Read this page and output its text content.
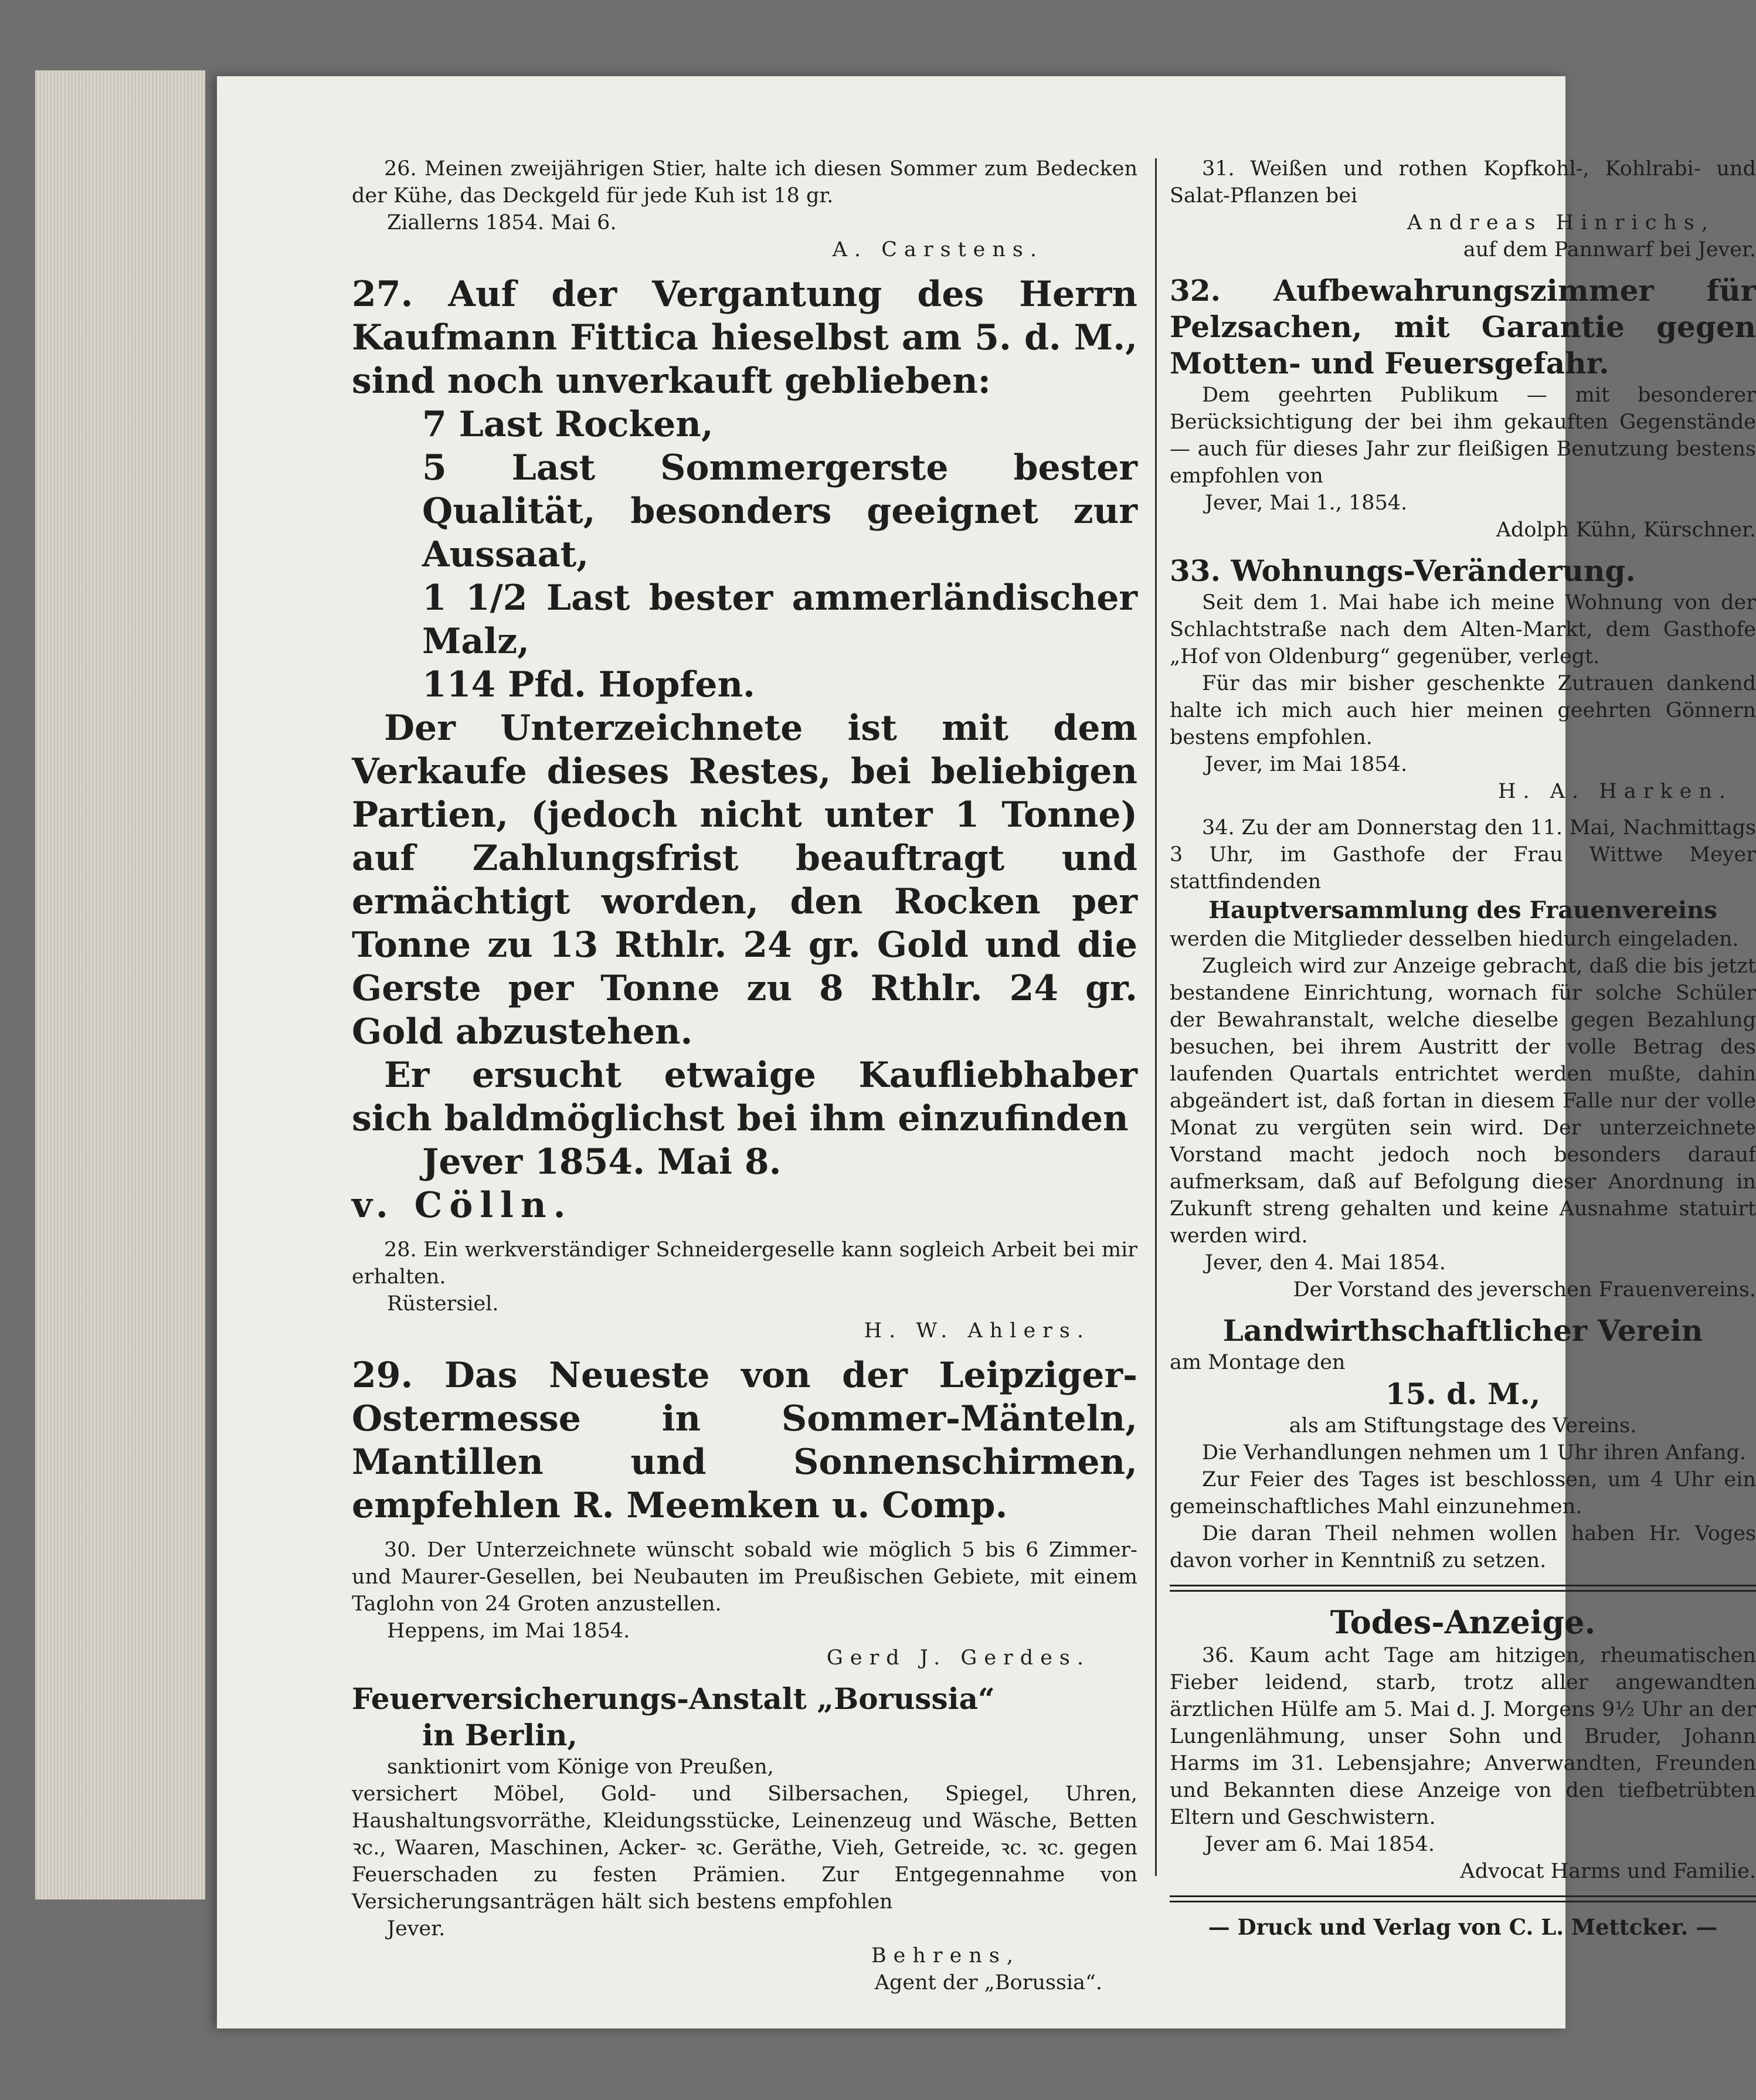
26. Meinen zweijährigen Stier, halte ich diesen Sommer zum Bedecken der Kühe, das Deckgeld für jede Kuh ist 18 gr.

Ziallerns 1854. Mai 6.

A. Carstens.

27. Auf der Vergantung des Herrn Kaufmann Fittica hieselbst am 5. d. M., sind noch unverkauft geblieben:

7 Last Rocken,

5 Last Sommergerste bester Qualität, besonders geeignet zur Aussaat,

1 1/2 Last bester ammerländischer Malz,

114 Pfd. Hopfen.

Der Unterzeichnete ist mit dem Verkaufe dieses Restes, bei beliebigen Partien, (jedoch nicht unter 1 Tonne) auf Zahlungsfrist beauftragt und ermächtigt worden, den Rocken per Tonne zu 13 Rthlr. 24 gr. Gold und die Gerste per Tonne zu 8 Rthlr. 24 gr. Gold abzustehen.

Er ersucht etwaige Kaufliebhaber sich baldmöglichst bei ihm einzufinden

Jever 1854. Mai 8.

v. Cölln.

28. Ein werkverständiger Schneidergeselle kann sogleich Arbeit bei mir erhalten.

Rüstersiel.

H. W. Ahlers.

29. Das Neueste von der Leipziger-Ostermesse in Sommer-Mänteln, Mantillen und Sonnenschirmen, empfehlen R. Meemken u. Comp.

30. Der Unterzeichnete wünscht sobald wie möglich 5 bis 6 Zimmer- und Maurer-Gesellen, bei Neubauten im Preußischen Gebiete, mit einem Taglohn von 24 Groten anzustellen.

Heppens, im Mai 1854.

Gerd J. Gerdes.

Feuerversicherungs-Anstalt „Borussia“

in Berlin,

sanktionirt vom Könige von Preußen,

versichert Möbel, Gold- und Silbersachen, Spiegel, Uhren, Haushaltungsvorräthe, Kleidungsstücke, Leinenzeug und Wäsche, Betten ꝛc., Waaren, Maschinen, Acker- ꝛc. Geräthe, Vieh, Getreide, ꝛc. ꝛc. gegen Feuerschaden zu festen Prämien. Zur Entgegennahme von Versicherungsanträgen hält sich bestens empfohlen

Jever.

Behrens,

Agent der „Borussia“.

31. Weißen und rothen Kopfkohl-, Kohlrabi- und Salat-Pflanzen bei

Andreas Hinrichs,

auf dem Pannwarf bei Jever.

32. Aufbewahrungszimmer für Pelzsachen, mit Garantie gegen Motten- und Feuersgefahr.

Dem geehrten Publikum — mit besonderer Berücksichtigung der bei ihm gekauften Gegenstände — auch für dieses Jahr zur fleißigen Benutzung bestens empfohlen von

Jever, Mai 1., 1854.

Adolph Kühn, Kürschner.

33. Wohnungs-Veränderung.

Seit dem 1. Mai habe ich meine Wohnung von der Schlachtstraße nach dem Alten-Markt, dem Gasthofe „Hof von Oldenburg“ gegenüber, verlegt.

Für das mir bisher geschenkte Zutrauen dankend halte ich mich auch hier meinen geehrten Gönnern bestens empfohlen.

Jever, im Mai 1854.

H. A. Harken.

34. Zu der am Donnerstag den 11. Mai, Nachmittags 3 Uhr, im Gasthofe der Frau Wittwe Meyer stattfindenden

Hauptversammlung des Frauenvereins

werden die Mitglieder desselben hiedurch eingeladen.

Zugleich wird zur Anzeige gebracht, daß die bis jetzt bestandene Einrichtung, wornach für solche Schüler der Bewahranstalt, welche dieselbe gegen Bezahlung besuchen, bei ihrem Austritt der volle Betrag des laufenden Quartals entrichtet werden mußte, dahin abgeändert ist, daß fortan in diesem Falle nur der volle Monat zu vergüten sein wird. Der unterzeichnete Vorstand macht jedoch noch besonders darauf aufmerksam, daß auf Befolgung dieser Anordnung in Zukunft streng gehalten und keine Ausnahme statuirt werden wird.

Jever, den 4. Mai 1854.

Der Vorstand des jeverschen Frauenvereins.

Landwirthschaftlicher Verein

am Montage den

15. d. M.,

als am Stiftungstage des Vereins.

Die Verhandlungen nehmen um 1 Uhr ihren Anfang.

Zur Feier des Tages ist beschlossen, um 4 Uhr ein gemeinschaftliches Mahl einzunehmen.

Die daran Theil nehmen wollen haben Hr. Voges davon vorher in Kenntniß zu setzen.

Todes-Anzeige.

36. Kaum acht Tage am hitzigen, rheumatischen Fieber leidend, starb, trotz aller angewandten ärztlichen Hülfe am 5. Mai d. J. Morgens 9½ Uhr an der Lungenlähmung, unser Sohn und Bruder, Johann Harms im 31. Lebensjahre; Anverwandten, Freunden und Bekannten diese Anzeige von den tiefbetrübten Eltern und Geschwistern.

Jever am 6. Mai 1854.

Advocat Harms und Familie.

— Druck und Verlag von C. L. Mettcker. —
